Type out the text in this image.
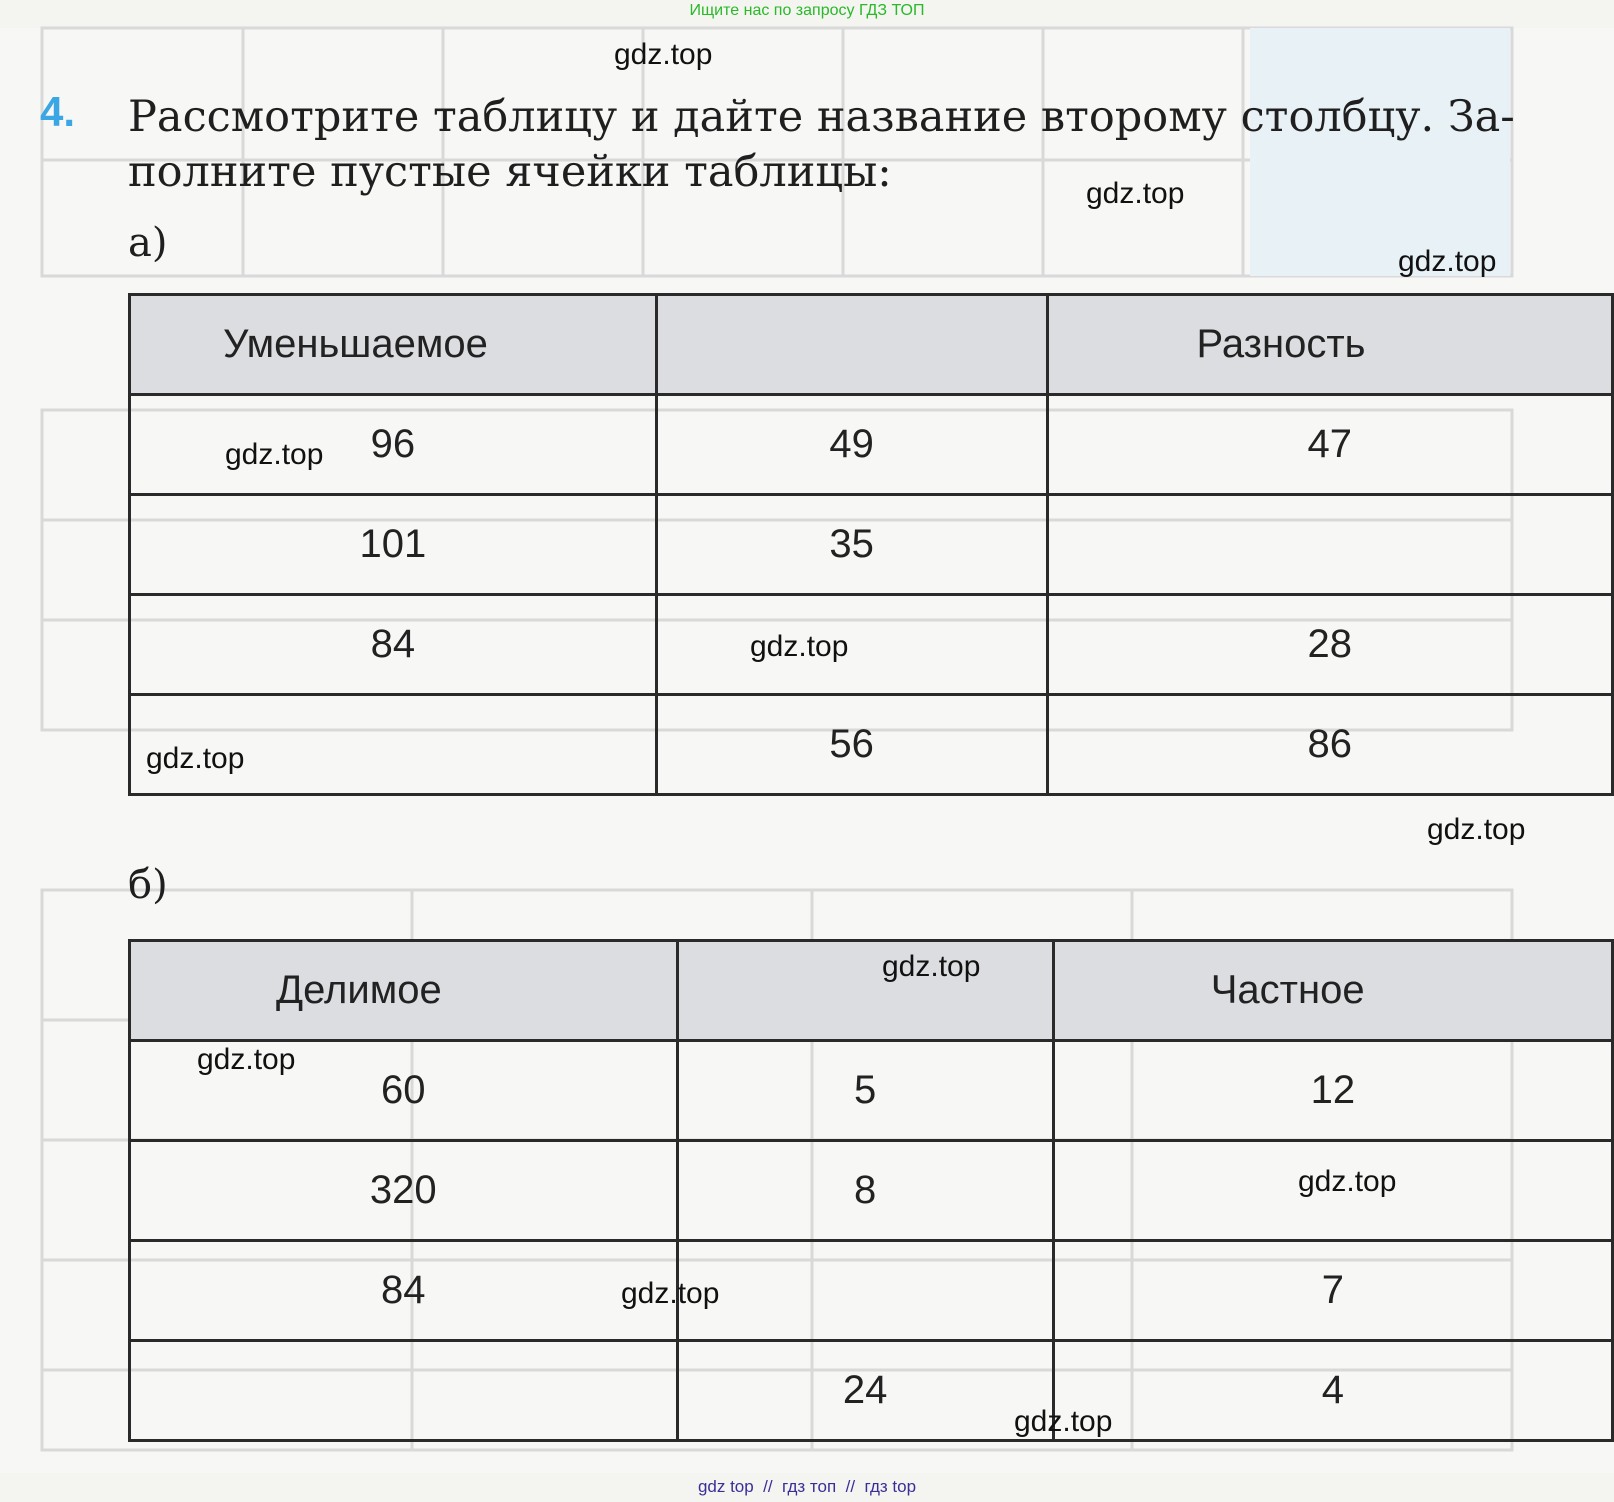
Ищите нас по запросу ГДЗ ТОП
4. Рассмотрите таблицу и дайте название второму столбцу. За-
полните пустые ячейки таблицы:

а)
Уменьшаемое		Разность
96	49	47
101	35	
84		28
	56	86
б)
Делимое		Частное
60	5	12
320	8	
84		7
	24	4
gdz.top
gdz.top
gdz.top
gdz.top
gdz.top
gdz.top
gdz.top
gdz.top
gdz.top
gdz.top
gdz.top
gdz.top
gdz top  //  гдз топ  //  гдз top
